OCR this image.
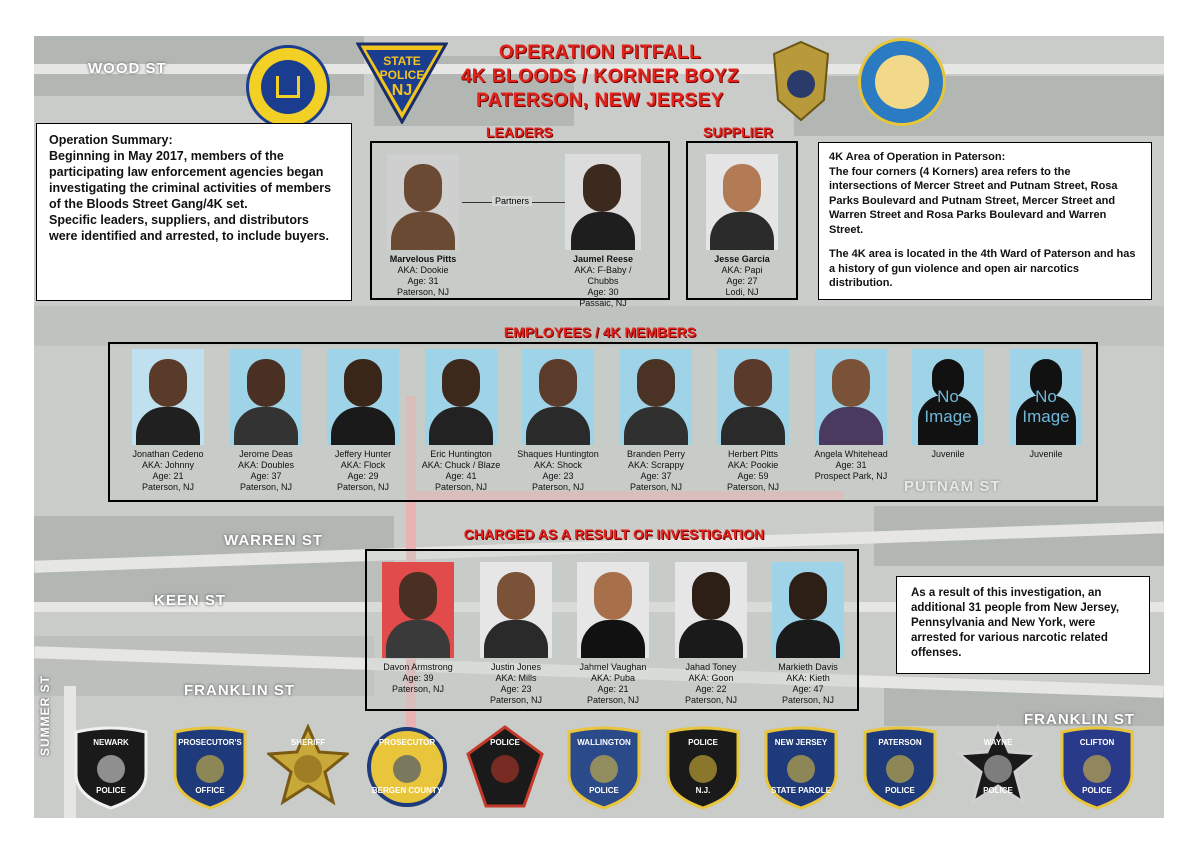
WOOD ST
WARREN ST
KEEN ST
FRANKLIN ST
FRANKLIN ST
SUMMER ST
PUTNAM ST
STATE
POLICE
NJ
OPERATION PITFALL
4K BLOODS / KORNER BOYZ
PATERSON, NEW JERSEY

Operation Summary:

Beginning in May 2017, members of the participating law enforcement agencies began investigating the criminal activities of members of the Bloods Street Gang/4K set.

Specific leaders, suppliers, and distributors were identified and arrested, to include buyers.

LEADERS
Marvelous Pitts
AKA: Dookie
Age: 31
Paterson, NJ
Partners
Jaumel Reese
AKA: F-Baby / Chubbs
Age: 30
Passaic, NJ
SUPPLIER
Jesse Garcia
AKA: Papi
Age: 27
Lodi, NJ

4K Area of Operation in Paterson:

The four corners (4 Korners) area refers to the intersections of Mercer Street and Putnam Street, Rosa Parks Boulevard and Putnam Street, Mercer Street and Warren Street and Rosa Parks Boulevard and Warren Street.

The 4K area is located in the 4th Ward of Paterson and has a history of gun violence and open air narcotics distribution.

EMPLOYEES / 4K MEMBERS
Jonathan Cedeno
AKA: Johnny
Age: 21
Paterson, NJ
Jerome Deas
AKA: Doubles
Age: 37
Paterson, NJ
Jeffery Hunter
AKA: Flock
Age: 29
Paterson, NJ
Eric Huntington
AKA: Chuck / Blaze
Age: 41
Paterson, NJ
Shaques Huntington
AKA: Shock
Age: 23
Paterson, NJ
Branden Perry
AKA: Scrappy
Age: 37
Paterson, NJ
Herbert Pitts
AKA: Pookie
Age: 59
Paterson, NJ
Angela Whitehead
Age: 31
Prospect Park, NJ
No
Image
Juvenile
No
Image
Juvenile
CHARGED AS A RESULT OF INVESTIGATION
Davon Armstrong
Age: 39
Paterson, NJ
Justin Jones
AKA: Mills
Age: 23
Paterson, NJ
Jahmel Vaughan
AKA: Puba
Age: 21
Paterson, NJ
Jahad Toney
AKA: Goon
Age: 22
Paterson, NJ
Markieth Davis
AKA: Kieth
Age: 47
Paterson, NJ

As a result of this investigation, an additional 31 people from New Jersey, Pennsylvania and New York, were arrested for various narcotic related offenses.

NEWARK
POLICE
PROSECUTOR'S
OFFICE
SHERIFF	PROSECUTOR
BERGEN COUNTY
POLICE	WALLINGTON
POLICE
POLICE
N.J.
NEW JERSEY
STATE PAROLE
PATERSON
POLICE
WAYNE
POLICE
CLIFTON
POLICE
